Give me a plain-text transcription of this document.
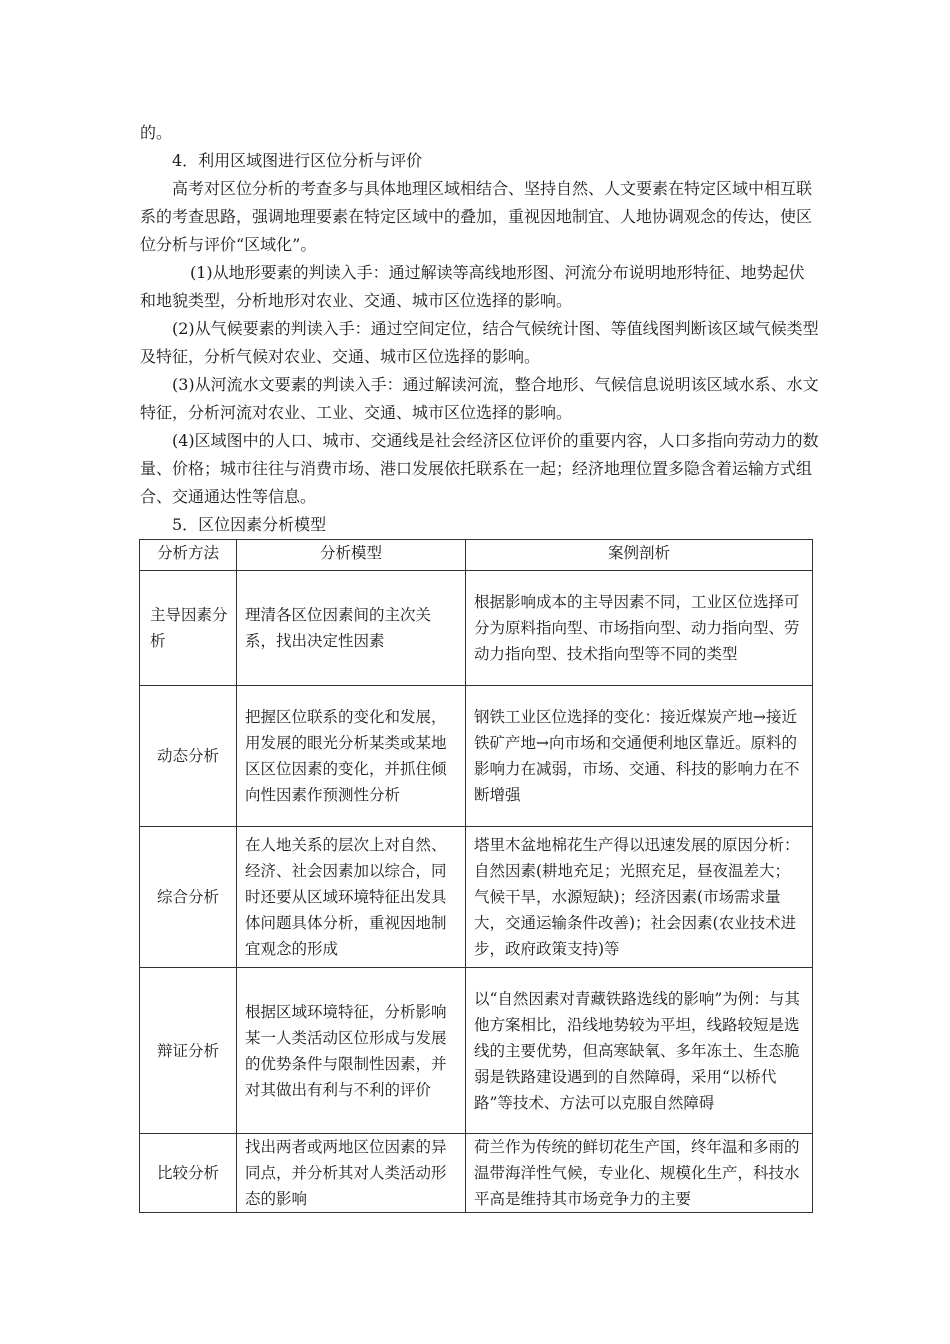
的。

4．利用区域图进行区位分析与评价

高考对区位分析的考查多与具体地理区域相结合、坚持自然、人文要素在特定区域中相互联系的考查思路，强调地理要素在特定区域中的叠加，重视因地制宜、人地协调观念的传达，使区位分析与评价“区域化”。

(1)从地形要素的判读入手：通过解读等高线地形图、河流分布说明地形特征、地势起伏和地貌类型，分析地形对农业、交通、城市区位选择的影响。

(2)从气候要素的判读入手：通过空间定位，结合气候统计图、等值线图判断该区域气候类型及特征，分析气候对农业、交通、城市区位选择的影响。

(3)从河流水文要素的判读入手：通过解读河流，整合地形、气候信息说明该区域水系、水文特征，分析河流对农业、工业、交通、城市区位选择的影响。

(4)区域图中的人口、城市、交通线是社会经济区位评价的重要内容，人口多指向劳动力的数量、价格；城市往往与消费市场、港口发展依托联系在一起；经济地理位置多隐含着运输方式组合、交通通达性等信息。

5．区位因素分析模型

分析方法	分析模型	案例剖析
主导因素分析	理清各区位因素间的主次关系，找出决定性因素	根据影响成本的主导因素不同，工业区位选择可分为原料指向型、市场指向型、动力指向型、劳动力指向型、技术指向型等不同的类型
动态分析	把握区位联系的变化和发展，用发展的眼光分析某类或某地区区位因素的变化，并抓住倾向性因素作预测性分析	钢铁工业区位选择的变化：接近煤炭产地→接近铁矿产地→向市场和交通便利地区靠近。原料的影响力在减弱，市场、交通、科技的影响力在不断增强
综合分析	在人地关系的层次上对自然、经济、社会因素加以综合，同时还要从区域环境特征出发具体问题具体分析，重视因地制宜观念的形成	塔里木盆地棉花生产得以迅速发展的原因分析：自然因素(耕地充足；光照充足，昼夜温差大；气候干旱，水源短缺)；经济因素(市场需求量大，交通运输条件改善)；社会因素(农业技术进步，政府政策支持)等
辩证分析	根据区域环境特征，分析影响某一人类活动区位形成与发展的优势条件与限制性因素，并对其做出有利与不利的评价	以“自然因素对青藏铁路选线的影响”为例：与其他方案相比，沿线地势较为平坦，线路较短是选线的主要优势，但高寒缺氧、多年冻土、生态脆弱是铁路建设遇到的自然障碍，采用“以桥代路”等技术、方法可以克服自然障碍
比较分析	找出两者或两地区位因素的异同点，并分析其对人类活动形态的影响	荷兰作为传统的鲜切花生产国，终年温和多雨的温带海洋性气候，专业化、规模化生产，科技水平高是维持其市场竞争力的主要
